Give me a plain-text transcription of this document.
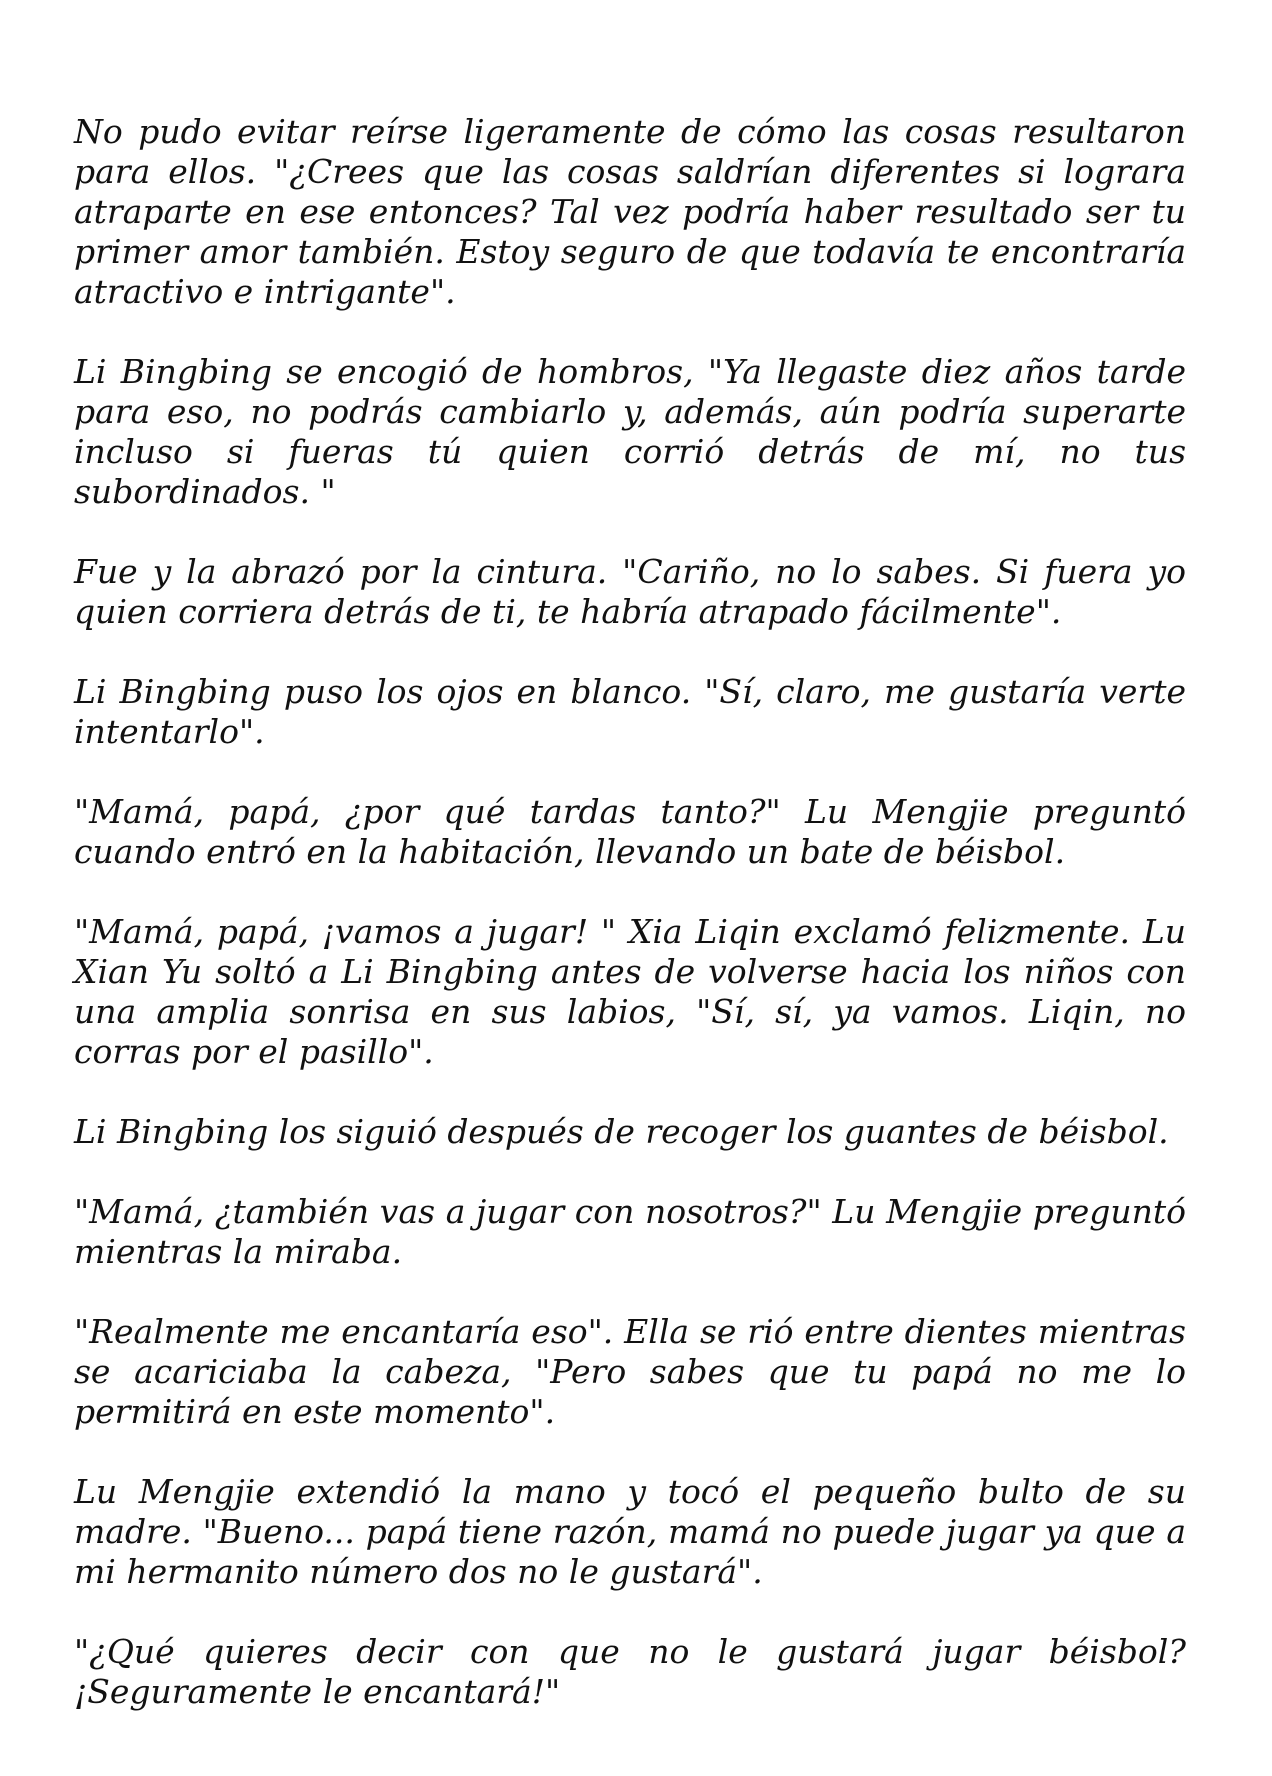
No pudo evitar reírse ligeramente de cómo las cosas resultaron para ellos. "¿Crees que las cosas saldrían diferentes si lograra atraparte en ese entonces? Tal vez podría haber resultado ser tu primer amor también. Estoy seguro de que todavía te encontraría atractivo e intrigante".

Li Bingbing se encogió de hombros, "Ya llegaste diez años tarde para eso, no podrás cambiarlo y, además, aún podría superarte incluso si fueras tú quien corrió detrás de mí, no tus subordinados. "

Fue y la abrazó por la cintura. "Cariño, no lo sabes. Si fuera yo quien corriera detrás de ti, te habría atrapado fácilmente".

Li Bingbing puso los ojos en blanco. "Sí, claro, me gustaría verte intentarlo".

"Mamá, papá, ¿por qué tardas tanto?" Lu Mengjie preguntó cuando entró en la habitación, llevando un bate de béisbol.

"Mamá, papá, ¡vamos a jugar! " Xia Liqin exclamó felizmente. Lu Xian Yu soltó a Li Bingbing antes de volverse hacia los niños con una amplia sonrisa en sus labios, "Sí, sí, ya vamos. Liqin, no corras por el pasillo".

Li Bingbing los siguió después de recoger los guantes de béisbol.

"Mamá, ¿también vas a jugar con nosotros?" Lu Mengjie preguntó mientras la miraba.

"Realmente me encantaría eso". Ella se rió entre dientes mientras se acariciaba la cabeza, "Pero sabes que tu papá no me lo permitirá en este momento".

Lu Mengjie extendió la mano y tocó el pequeño bulto de su madre. "Bueno... papá tiene razón, mamá no puede jugar ya que a mi hermanito número dos no le gustará".

"¿Qué quieres decir con que no le gustará jugar béisbol? ¡Seguramente le encantará!"
